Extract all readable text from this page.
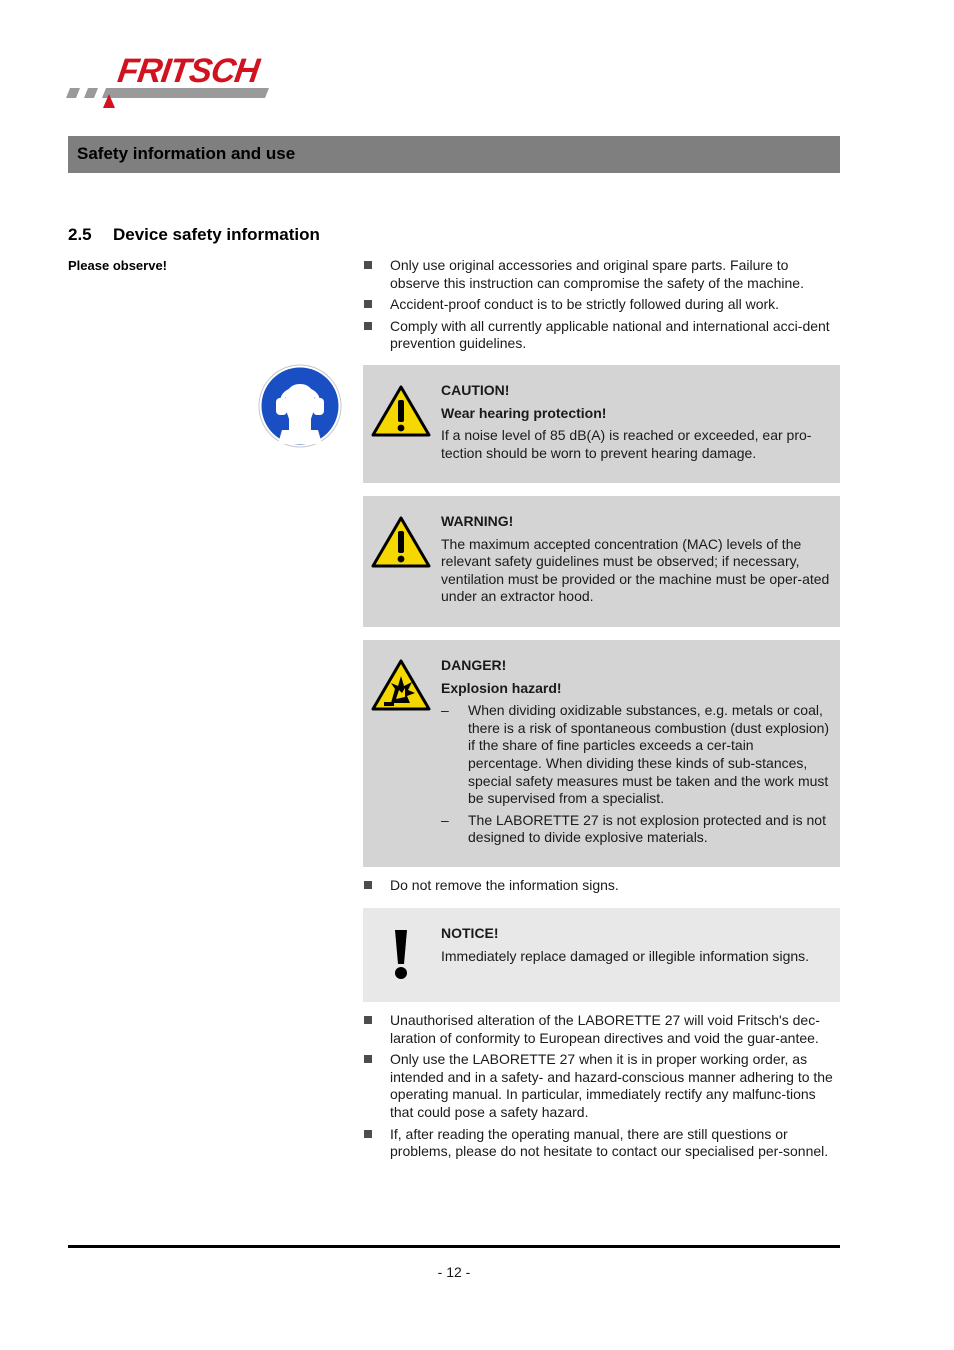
FRITSCH
Safety information and use
2.5 Device safety information
Please observe!	Only use original accessories and original spare parts. Failure to observe this instruction can compromise the safety of the machine.
Accident-proof conduct is to be strictly followed during all work.
Comply with all currently applicable national and international acci-dent prevention guidelines.
CAUTION!
Wear hearing protection!
If a noise level of 85 dB(A) is reached or exceeded, ear pro-tection should be worn to prevent hearing damage.
WARNING!
The maximum accepted concentration (MAC) levels of the relevant safety guidelines must be observed; if necessary, ventilation must be provided or the machine must be oper-ated under an extractor hood.
DANGER!
Explosion hazard!
– When dividing oxidizable substances, e.g. metals or coal, there is a risk of spontaneous combustion (dust explosion) if the share of fine particles exceeds a cer-tain percentage. When dividing these kinds of sub-stances, special safety measures must be taken and the work must be supervised from a specialist.
– The LABORETTE 27 is not explosion protected and is not designed to divide explosive materials.
Do not remove the information signs.
NOTICE!
Immediately replace damaged or illegible information signs.
Unauthorised alteration of the LABORETTE 27 will void Fritsch's dec-laration of conformity to European directives and void the guar-antee.
Only use the LABORETTE 27 when it is in proper working order, as intended and in a safety- and hazard-conscious manner adhering to the operating manual. In particular, immediately rectify any malfunc-tions that could pose a safety hazard.
If, after reading the operating manual, there are still questions or problems, please do not hesitate to contact our specialised per-sonnel.
- 12 -
